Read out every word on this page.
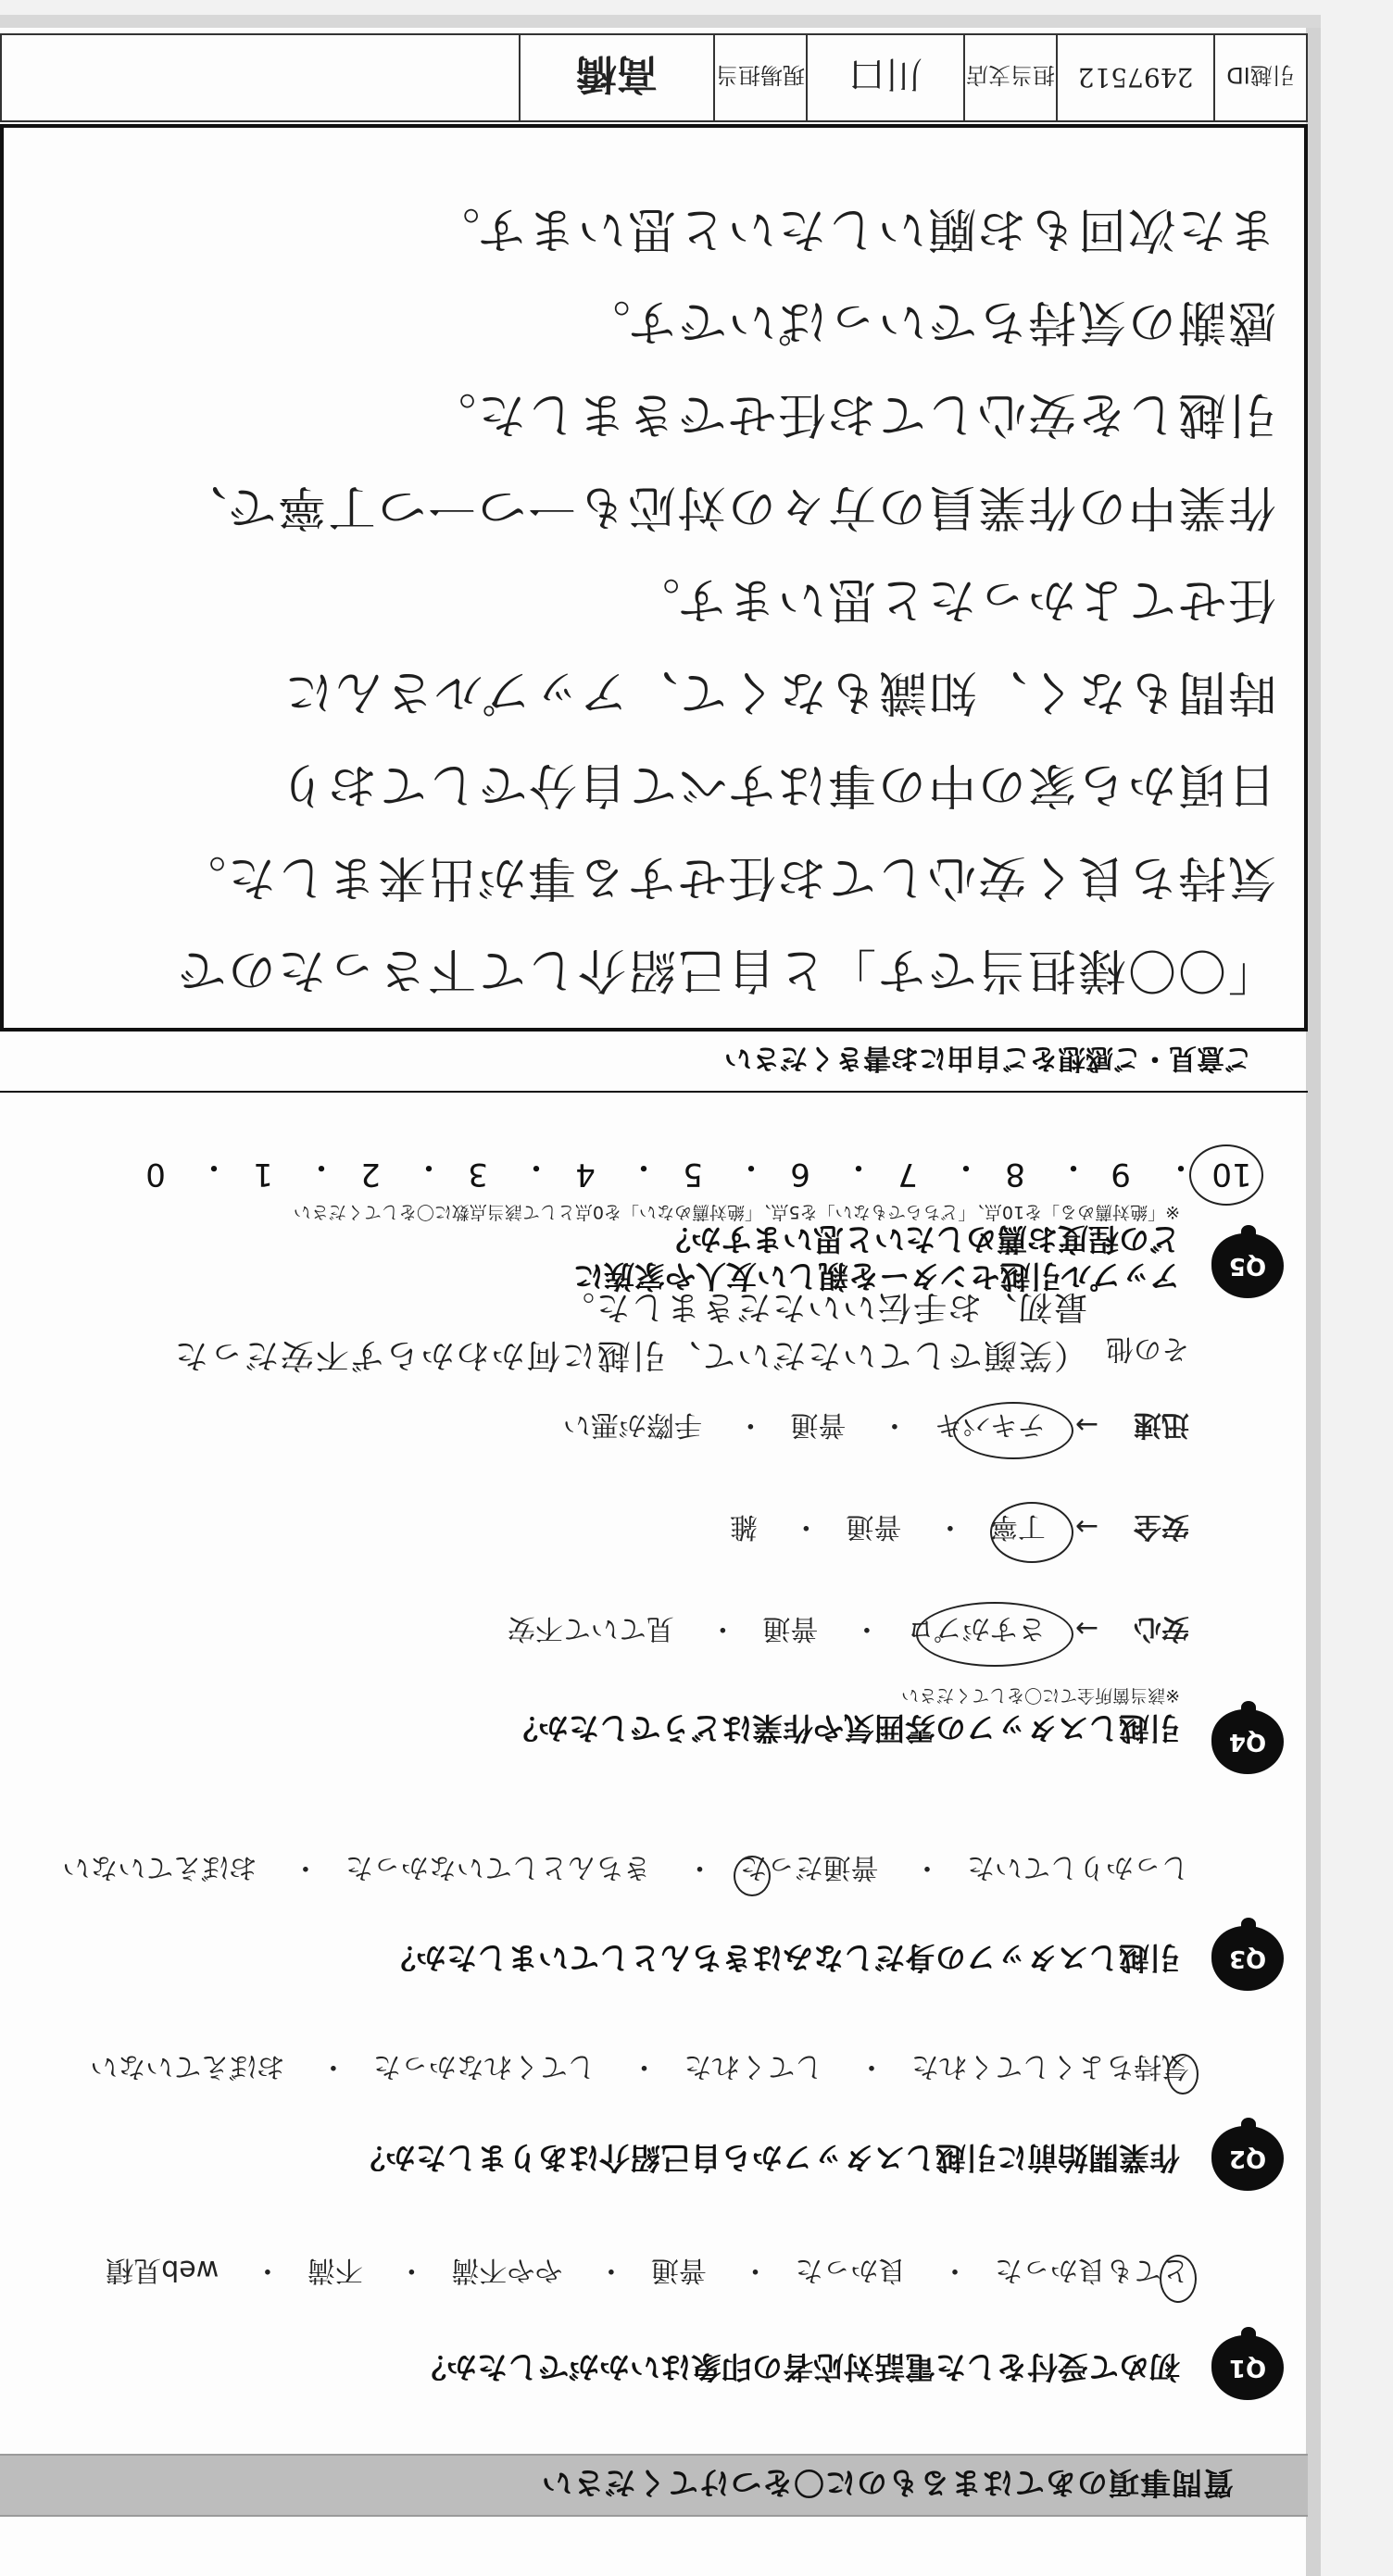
質問事項のあてはまるものに〇をつけてください
Q1
初めて受付をした電話対応者の印象はいかがでしたか？
とても良かった・ 良かった・ 普通・ やや不満・ 不満・ web見積
Q2
作業開始前に引越しスタッフから自己紹介はありましたか？
気持ちよくしてくれた・ してくれた・ してくれなかった・ おぼえていない
Q3
引越しスタッフの身だしなみはきちんとしていましたか？
しっかりしていた・ 普通だった・ きちんとしていなかった・ おぼえていない
Q4
引越しスタッフの雰囲気や作業はどうでしたか？
※該当箇所全てに〇をしてください
安心 → さすがプロ・ 普通・ 見ていて不安
安全 → 丁寧・ 普通・ 雑
迅速 → テキパキ・ 普通・ 手際が悪い
その他
（笑顔でしていただいて、引越に何かわからず不安だった
最初、お手伝いいただきました。
Q5
アップル引越センターを親しい友人や家族に
どの程度お薦めしたいと思いますか？
※「絶対薦める」を10点、「どちらでもない」を5点、「絶対薦めない」を0点として該当点数に〇をしてください
10
・
9
・
8
・
7
・
6
・
5
・
4
・
3
・
2
・
1
・
0
ご意見・ご感想をご自由にお書きください
「〇〇様担当です」と自己紹介して下さったので
気持ち良く安心してお任せする事が出来ました。
日頃から家の中の事はすべて自分でしており
時間もなく、知識もなくて、アップルさんに
任せてよかったと思います。
作業中の作業員の方々の対応も一つ一つ丁寧で、
引越しを安心してお任せできました。
感謝の気持ちでいっぱいです。
また次回もお願いしたいと思います。
引越ID
2497512
担当支店
川口
現場担当
高橋
